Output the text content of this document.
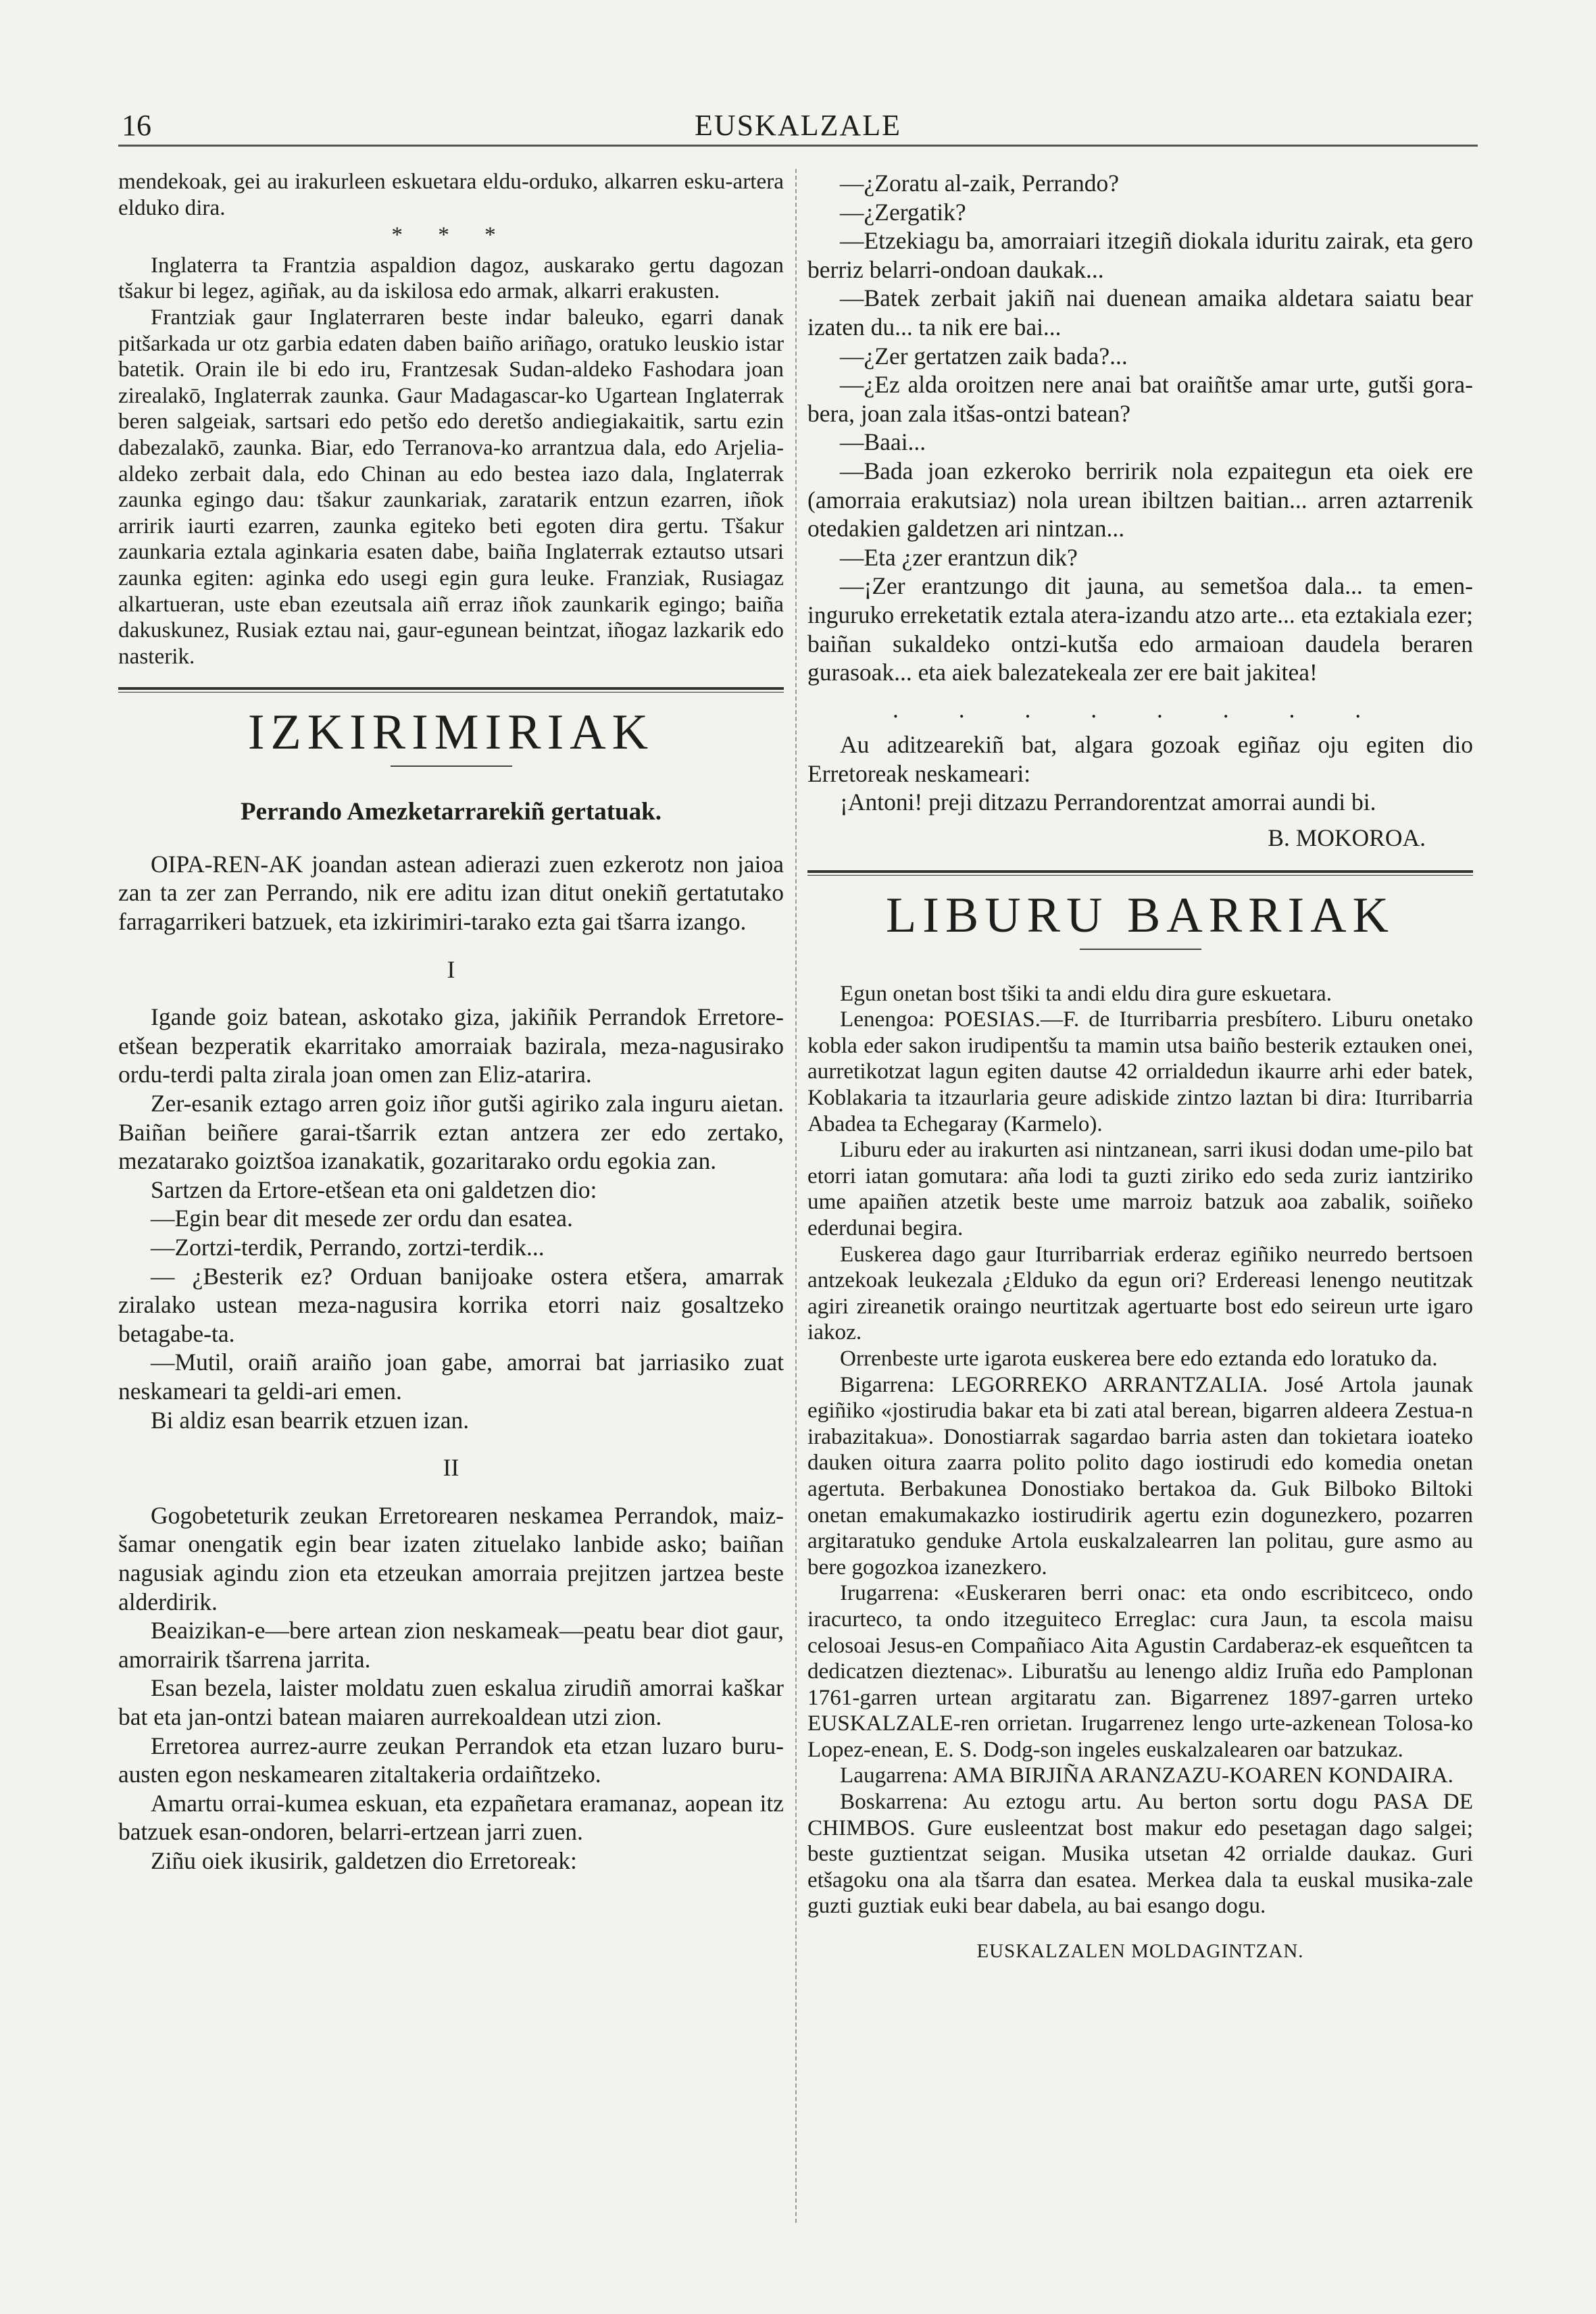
16	EUSKALZALE

mendekoak, gei au irakurleen eskuetara eldu-orduko, alkarren esku-artera elduko dira.

* * *

Inglaterra ta Frantzia aspaldion dagoz, auskarako gertu dagozan tšakur bi legez, agiñak, au da iskilosa edo armak, alkarri erakusten.

Frantziak gaur Inglaterraren beste indar baleuko, egarri danak pitšarkada ur otz garbia edaten daben baiño ariñago, oratuko leuskio istar batetik. Orain ile bi edo iru, Frantzesak Sudan-aldeko Fashodara joan zirealakō, Inglaterrak zaunka. Gaur Madagascar-ko Ugartean Inglaterrak beren salgeiak, sartsari edo petšo edo deretšo andiegiakaitik, sartu ezin dabezalakō, zaunka. Biar, edo Terranova-ko arrantzua dala, edo Arjelia-aldeko zerbait dala, edo Chinan au edo bestea iazo dala, Inglaterrak zaunka egingo dau: tšakur zaunkariak, zaratarik entzun ezarren, iñok arririk iaurti ezarren, zaunka egiteko beti egoten dira gertu. Tšakur zaunkaria eztala aginkaria esaten dabe, baiña Inglaterrak eztautso utsari zaunka egiten: aginka edo usegi egin gura leuke. Franziak, Rusiagaz alkartueran, uste eban ezeutsala aiñ erraz iñok zaunkarik egingo; baiña dakuskunez, Rusiak eztau nai, gaur-egunean beintzat, iñogaz lazkarik edo nasterik.

IZKIRIMIRIAK
Perrando Amezketarrarekiñ gertatuak.

OIPA-REN-AK joandan astean adierazi zuen ezkerotz non jaioa zan ta zer zan Perrando, nik ere aditu izan ditut onekiñ gertatutako farragarrikeri batzuek, eta izkirimiri-tarako ezta gai tšarra izango.

I

Igande goiz batean, askotako giza, jakiñik Perrandok Erretore-etšean bezperatik ekarritako amorraiak bazirala, meza-nagusirako ordu-terdi palta zirala joan omen zan Eliz-atarira.

Zer-esanik eztago arren goiz iñor gutši agiriko zala inguru aietan. Baiñan beiñere garai-tšarrik eztan antzera zer edo zertako, mezatarako goiztšoa izanakatik, gozaritarako ordu egokia zan.

Sartzen da Ertore-etšean eta oni galdetzen dio:

—Egin bear dit mesede zer ordu dan esatea.

—Zortzi-terdik, Perrando, zortzi-terdik...

— ¿Besterik ez? Orduan banijoake ostera etšera, amarrak ziralako ustean meza-nagusira korrika etorri naiz gosaltzeko betagabe-ta.

—Mutil, oraiñ araiño joan gabe, amorrai bat jarriasiko zuat neskameari ta geldi-ari emen.

Bi aldiz esan bearrik etzuen izan.

II

Gogobeteturik zeukan Erretorearen neskamea Perrandok, maiz-šamar onengatik egin bear izaten zituelako lanbide asko; baiñan nagusiak agindu zion eta etzeukan amorraia prejitzen jartzea beste alderdirik.

Beaizikan-e—bere artean zion neskameak—peatu bear diot gaur, amorrairik tšarrena jarrita.

Esan bezela, laister moldatu zuen eskalua zirudiñ amorrai kaškar bat eta jan-ontzi batean maiaren aurrekoaldean utzi zion.

Erretorea aurrez-aurre zeukan Perrandok eta etzan luzaro buru-austen egon neskamearen zitaltakeria ordaiñtzeko.

Amartu orrai-kumea eskuan, eta ezpañetara eramanaz, aopean itz batzuek esan-ondoren, belarri-ertzean jarri zuen.

Ziñu oiek ikusirik, galdetzen dio Erretoreak:

—¿Zoratu al-zaik, Perrando?

—¿Zergatik?

—Etzekiagu ba, amorraiari itzegiñ diokala iduritu zairak, eta gero berriz belarri-ondoan daukak...

—Batek zerbait jakiñ nai duenean amaika aldetara saiatu bear izaten du... ta nik ere bai...

—¿Zer gertatzen zaik bada?...

—¿Ez alda oroitzen nere anai bat oraiñtše amar urte, gutši gora-bera, joan zala itšas-ontzi batean?

—Baai...

—Bada joan ezkeroko berririk nola ezpaitegun eta oiek ere (amorraia erakutsiaz) nola urean ibiltzen baitian... arren aztarrenik otedakien galdetzen ari nintzan...

—Eta ¿zer erantzun dik?

—¡Zer erantzungo dit jauna, au semetšoa dala... ta emen-inguruko erreketatik eztala atera-izandu atzo arte... eta eztakiala ezer; baiñan sukaldeko ontzi-kutša edo armaioan daudela beraren gurasoak... eta aiek balezatekeala zer ere bait jakitea!

. . . . . . . .

Au aditzearekiñ bat, algara gozoak egiñaz oju egiten dio Erretoreak neskameari:

¡Antoni! preji ditzazu Perrandorentzat amorrai aundi bi.

B. MOKOROA.
LIBURU BARRIAK

Egun onetan bost tšiki ta andi eldu dira gure eskuetara.

Lenengoa: POESIAS.—F. de Iturribarria presbítero. Liburu onetako kobla eder sakon irudipentšu ta mamin utsa baiño besterik eztauken onei, aurretikotzat lagun egiten dautse 42 orrialdedun ikaurre arhi eder batek, Koblakaria ta itzaurlaria geure adiskide zintzo laztan bi dira: Iturribarria Abadea ta Echegaray (Karmelo).

Liburu eder au irakurten asi nintzanean, sarri ikusi dodan ume-pilo bat etorri iatan gomutara: aña lodi ta guzti ziriko edo seda zuriz iantziriko ume apaiñen atzetik beste ume marroiz batzuk aoa zabalik, soiñeko ederdunai begira.

Euskerea dago gaur Iturribarriak erderaz egiñiko neurredo bertsoen antzekoak leukezala ¿Elduko da egun ori? Erdereasi lenengo neutitzak agiri zireanetik oraingo neurtitzak agertuarte bost edo seireun urte igaro iakoz.

Orrenbeste urte igarota euskerea bere edo eztanda edo loratuko da.

Bigarrena: LEGORREKO ARRANTZALIA. José Artola jaunak egiñiko «jostirudia bakar eta bi zati atal berean, bigarren aldeera Zestua-n irabazitakua». Donostiarrak sagardao barria asten dan tokietara ioateko dauken oitura zaarra polito polito dago iostirudi edo komedia onetan agertuta. Berbakunea Donostiako bertakoa da. Guk Bilboko Biltoki onetan emakumakazko iostirudirik agertu ezin dogunezkero, pozarren argitaratuko genduke Artola euskalzalearren lan politau, gure asmo au bere gogozkoa izanezkero.

Irugarrena: «Euskeraren berri onac: eta ondo escribitceco, ondo iracurteco, ta ondo itzeguiteco Erreglac: cura Jaun, ta escola maisu celosoai Jesus-en Compañiaco Aita Agustin Cardaberaz-ek esqueñtcen ta dedicatzen dieztenac». Liburatšu au lenengo aldiz Iruña edo Pamplonan 1761-garren urtean argitaratu zan. Bigarrenez 1897-garren urteko EUSKALZALE-ren orrietan. Irugarrenez lengo urte-azkenean Tolosa-ko Lopez-enean, E. S. Dodg-son ingeles euskalzalearen oar batzukaz.

Laugarrena: AMA BIRJIÑA ARANZAZU-KOAREN KONDAIRA.

Boskarrena: Au eztogu artu. Au berton sortu dogu PASA DE CHIMBOS. Gure eusleentzat bost makur edo pesetagan dago salgei; beste guztientzat seigan. Musika utsetan 42 orrialde daukaz. Guri etšagoku ona ala tšarra dan esatea. Merkea dala ta euskal musika-zale guzti guztiak euki bear dabela, au bai esango dogu.

EUSKALZALEN MOLDAGINTZAN.
